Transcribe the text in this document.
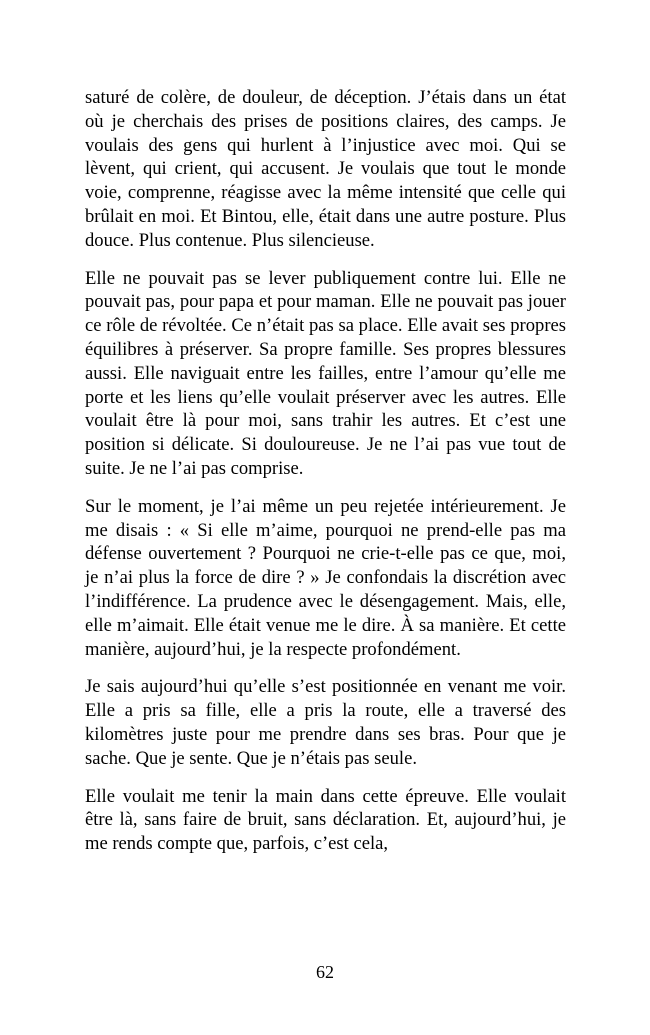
saturé de colère, de douleur, de déception. J’étais dans un état où je cherchais des prises de positions claires, des camps. Je voulais des gens qui hurlent à l’injustice avec moi. Qui se lèvent, qui crient, qui accusent. Je voulais que tout le monde voie, comprenne, réagisse avec la même intensité que celle qui brûlait en moi. Et Bintou, elle, était dans une autre posture. Plus douce. Plus contenue. Plus silencieuse.

Elle ne pouvait pas se lever publiquement contre lui. Elle ne pouvait pas, pour papa et pour maman. Elle ne pouvait pas jouer ce rôle de révoltée. Ce n’était pas sa place. Elle avait ses propres équilibres à préserver. Sa propre famille. Ses propres blessures aussi. Elle naviguait entre les failles, entre l’amour qu’elle me porte et les liens qu’elle voulait préserver avec les autres. Elle voulait être là pour moi, sans trahir les autres. Et c’est une position si délicate. Si douloureuse. Je ne l’ai pas vue tout de suite. Je ne l’ai pas comprise.

Sur le moment, je l’ai même un peu rejetée intérieurement. Je me disais : « Si elle m’aime, pourquoi ne prend-elle pas ma défense ouvertement ? Pourquoi ne crie-t-elle pas ce que, moi, je n’ai plus la force de dire ? » Je confondais la discrétion avec l’indifférence. La prudence avec le désengagement. Mais, elle, elle m’aimait. Elle était venue me le dire. À sa manière. Et cette manière, aujourd’hui, je la respecte profondément.

Je sais aujourd’hui qu’elle s’est positionnée en venant me voir. Elle a pris sa fille, elle a pris la route, elle a traversé des kilomètres juste pour me prendre dans ses bras. Pour que je sache. Que je sente. Que je n’étais pas seule.

Elle voulait me tenir la main dans cette épreuve. Elle voulait être là, sans faire de bruit, sans déclaration. Et, aujourd’hui, je me rends compte que, parfois, c’est cela,

62
